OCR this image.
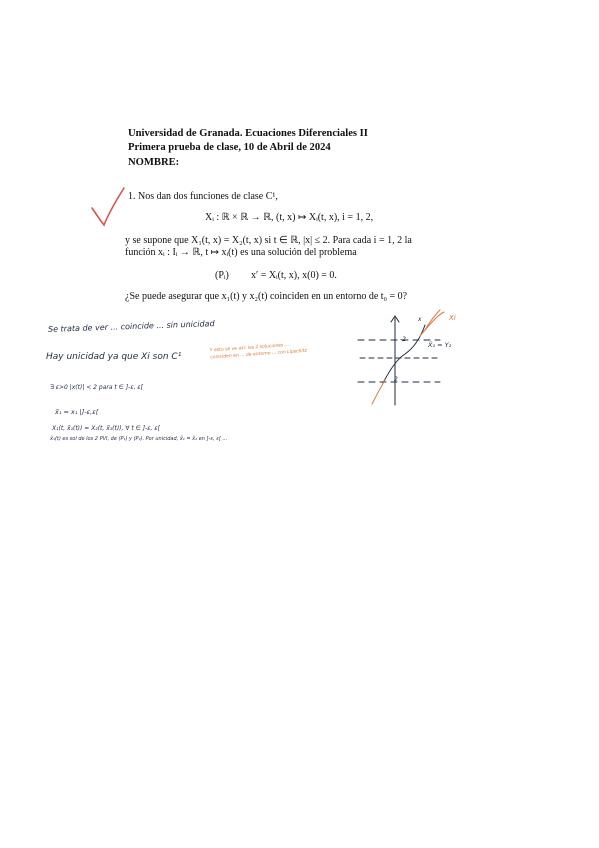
Universidad de Granada. Ecuaciones Diferenciales II
Primera prueba de clase, 10 de Abril de 2024
NOMBRE:
1. Nos dan dos funciones de clase C¹,
Xᵢ : ℝ × ℝ → ℝ, (t, x) ↦ Xᵢ(t, x), i = 1, 2,
y se supone que X₁(t, x) = X₂(t, x) si t ∈ ℝ, |x| ≤ 2. Para cada i = 1, 2 la
función xᵢ : Iᵢ → ℝ, t ↦ xᵢ(t) es una solución del problema
(Pᵢ) x′ = Xᵢ(t, x), x(0) = 0.
¿Se puede asegurar que x₁(t) y x₂(t) coinciden en un entorno de t₀ = 0?
Se trata de ver ... coincide ... sin unicidad
Hay unicidad ya que Xi son C¹
Y esto se ve así: las 2 soluciones ... coinciden en ... de entorno ... con Lipschitz
∃ ε>0 |x(t)| < 2 para t ∈ ]-ε, ε[
x̃₁ = x₁ |]-ε,ε[
X₁(t, x̃₁(t)) = X₂(t, x̃₁(t)), ∀ t ∈ ]-ε, ε[
x̃₁(t) es sol de los 2 PVI, de (P₁) y (P₂). Por unicidad, x̃₁ = x̃₂ en ]-ε, ε[ ...
Xi
x
X̃₁ = Y₂
2
-2
